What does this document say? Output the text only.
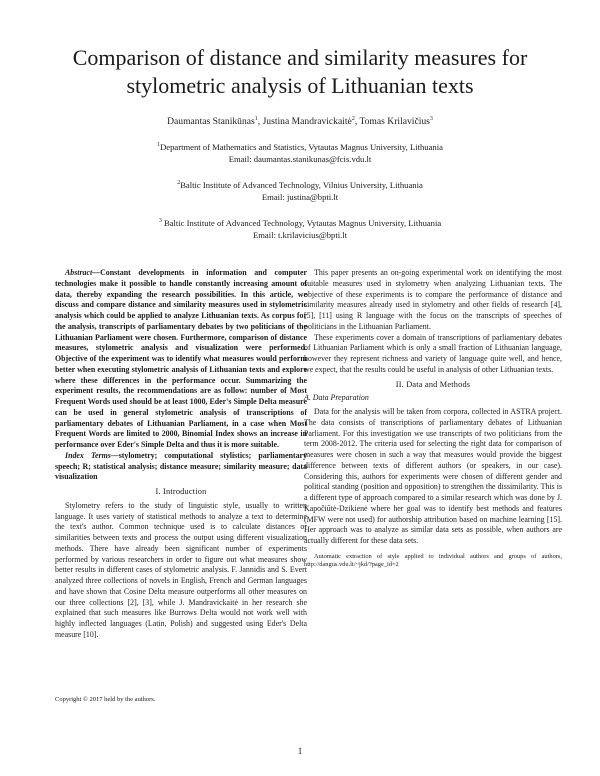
Comparison of distance and similarity measures for
stylometric analysis of Lithuanian texts
Daumantas Stanikūnas$^1$, Justina Mandravickaitė$^2$, Tomas Krilavičius$^3$
$^1$Department of Mathematics and Statistics, Vytautas Magnus University, Lithuania
Email: daumantas.stanikunas@fcis.vdu.lt
$^2$Baltic Institute of Advanced Technology, Vilnius University, Lithuania
Email: justina@bpti.lt
$^3$ Baltic Institute of Advanced Technology, Vytautas Magnus University, Lithuania
Email: t.krilavicius@bpti.lt

Abstract—Constant developments in information and computer technologies make it possible to handle constantly increasing amount of data, thereby expanding the research possibilities. In this article, we discuss and compare distance and similarity measures used in stylometric analysis which could be applied to analyze Lithuanian texts. As corpus for the analysis, transcripts of parliamentary debates by two politicians of the Lithuanian Parliament were chosen. Furthermore, comparison of distance measures, stylometric analysis and visualization were performed. Objective of the experiment was to identify what measures would perform better when executing stylometric analysis of Lithuanian texts and explore where these differences in the performance occur. Summarizing the experiment results, the recommendations are as follow: number of Most Frequent Words used should be at least 1000, Eder's Simple Delta measure can be used in general stylometric analysis of transcriptions of parliamentary debates of Lithuanian Parliament, in a case when Most Frequent Words are limited to 2000, Binomial Index shows an increase in performance over Eder's Simple Delta and thus it is more suitable.

Index Terms—stylometry; computational stylistics; parliamentary speech; R; statistical analysis; distance measure; similarity measure; data visualization

I. Introduction

Stylometry refers to the study of linguistic style, usually to written language. It uses variety of statistical methods to analyze a text to determine the text's author. Common technique used is to calculate distances or similarities between texts and process the output using different visualization methods. There have already been significant number of experiments performed by various researchers in order to figure out what measures show better results in different cases of stylometric analysis. F. Jannidis and S. Evert analyzed three collections of novels in English, French and German languages and have shown that Cosine Delta measure outperforms all other measures on our three collections [2], [3], while J. Mandravickaitė in her research she explained that such measures like Burrows Delta would not work well with highly inflected languages (Latin, Polish) and suggested using Eder's Delta measure [10].

This paper presents an on-going experimental work on identifying the most suitable measures used in stylometry when analyzing Lithuanian texts. The objective of these experiments is to compare the performance of distance and similarity measures already used in stylometry and other fields of research [4], [5], [11] using R language with the focus on the transcripts of speeches of politicians in the Lithuanian Parliament.

These experiments cover a domain of transcriptions of parliamentary debates of Lithuanian Parliament which is only a small fraction of Lithuanian language, however they represent richness and variety of language quite well, and hence, we expect, that the results could be useful in analysis of other Lithuanian texts.

II. Data and Methods
A. Data Preparation

Data for the analysis will be taken from corpora, collected in ASTRA project. The data consists of transcriptions of parliamentary debates of Lithuanian Parliament. For this investigation we use transcripts of two politicians from the term 2008-2012. The criteria used for selecting the right data for comparison of measures were chosen in such a way that measures would provide the biggest difference between texts of different authors (or speakers, in our case). Considering this, authors for experiments were chosen of different gender and political standing (position and opposition) to strengthen the dissimilarity. This is a different type of approach compared to a similar research which was done by J. Kapočiūtė-Dzikienė where her goal was to identify best methods and features (MFW were not used) for authorship attribution based on machine learning [15]. Her approach was to analyze as similar data sets as possible, when authors are actually different for these data sets.

Automatic extraction of style applied to individual authors and groups of authors, http://dangus.vdu.lt/~jkd/?page_id=2
Copyright © 2017 held by the authors.
1
